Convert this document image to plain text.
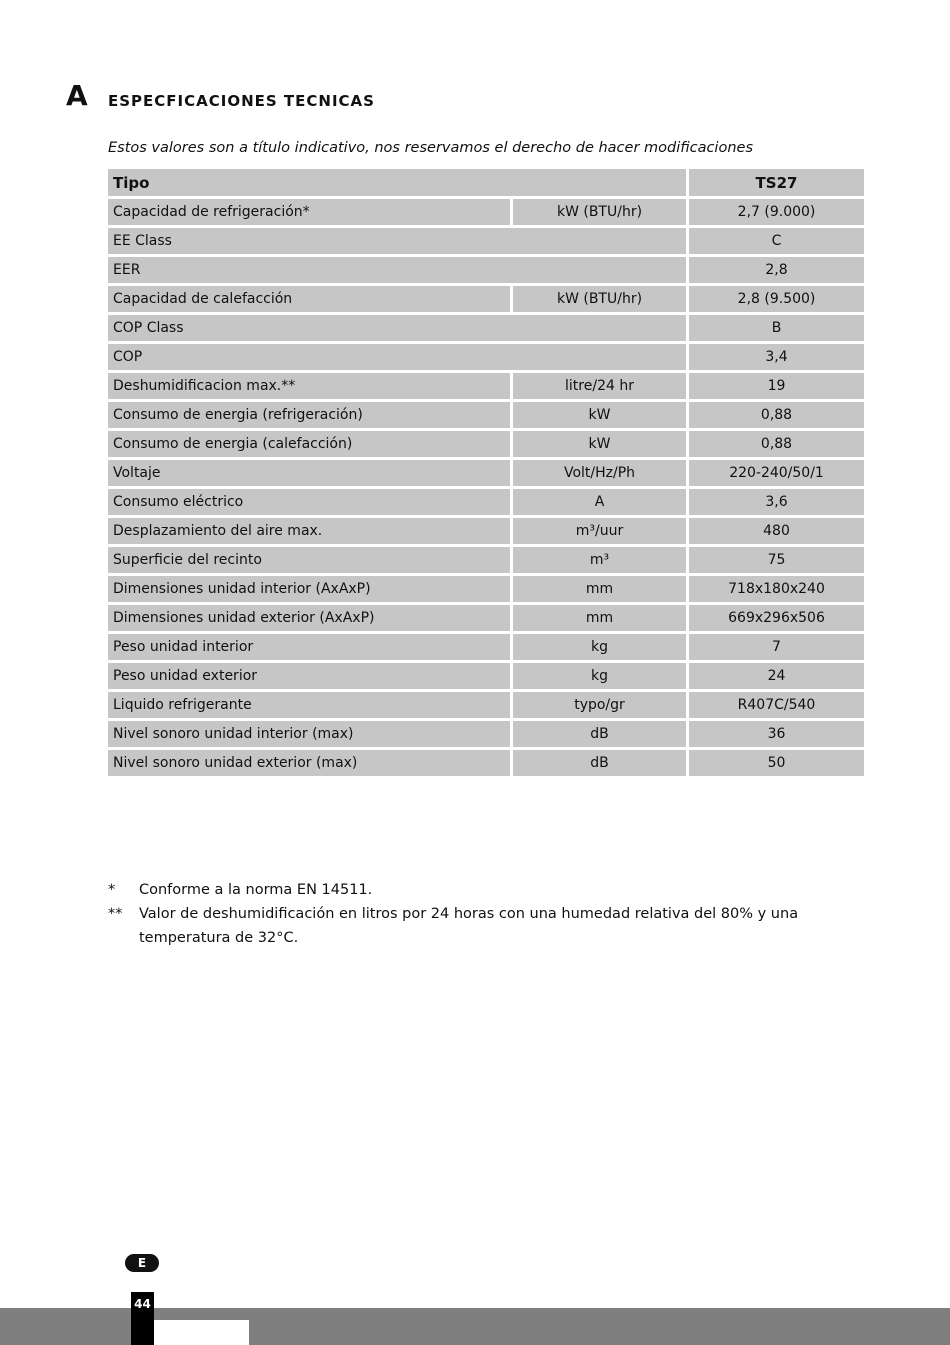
A ESPECFICACIONES TECNICAS
Estos valores son a título indicativo, nos reservamos el derecho de hacer modificaciones
Tipo		TS27
Capacidad de refrigeración*	kW (BTU/hr)	2,7 (9.000)
EE Class		C
EER		2,8
Capacidad de calefacción	kW (BTU/hr)	2,8 (9.500)
COP Class		B
COP		3,4
Deshumidificacion max.**	litre/24 hr	19
Consumo de energia (refrigeración)	kW	0,88
Consumo de energia (calefacción)	kW	0,88
Voltaje	Volt/Hz/Ph	220-240/50/1
Consumo eléctrico	A	3,6
Desplazamiento del aire max.	m³/uur	480
Superficie del recinto	m³	75
Dimensiones unidad interior (AxAxP)	mm	718x180x240
Dimensiones unidad exterior (AxAxP)	mm	669x296x506
Peso unidad interior	kg	7
Peso unidad exterior	kg	24
Liquido refrigerante	typo/gr	R407C/540
Nivel sonoro unidad interior (max)	dB	36
Nivel sonoro unidad exterior (max)	dB	50
*	Conforme a la norma EN 14511.
**	Valor de deshumidificación en litros por 24 horas con una humedad relativa del 80% y una temperatura de 32°C.
E
44
